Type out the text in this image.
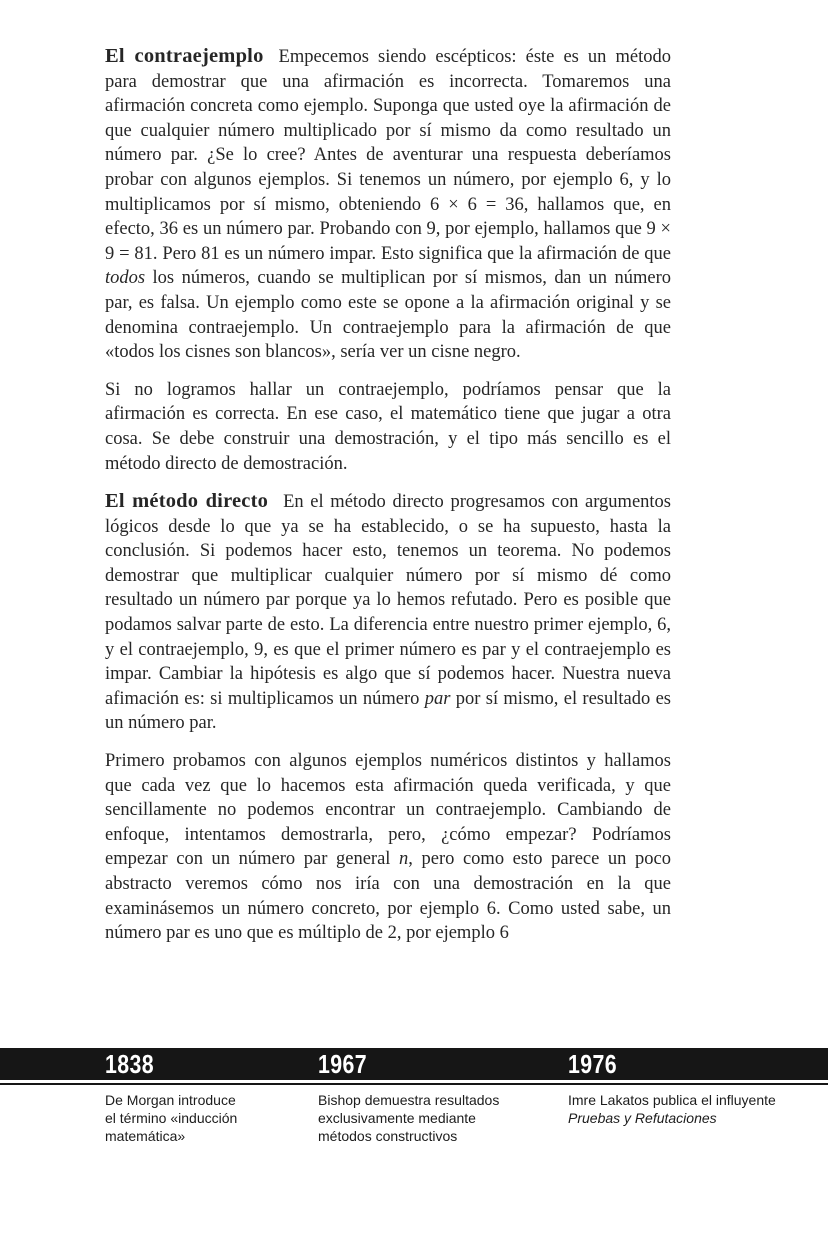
El contraejemplo Empecemos siendo escépticos: éste es un método para demostrar que una afirmación es incorrecta. Tomaremos una afirmación concreta como ejemplo. Suponga que usted oye la afirmación de que cualquier número multiplicado por sí mismo da como resultado un número par. ¿Se lo cree? Antes de aventurar una respuesta deberíamos probar con algunos ejemplos. Si tenemos un número, por ejemplo 6, y lo multiplicamos por sí mismo, obteniendo 6 × 6 = 36, hallamos que, en efecto, 36 es un número par. Probando con 9, por ejemplo, hallamos que 9 × 9 = 81. Pero 81 es un número impar. Esto significa que la afirmación de que todos los números, cuando se multiplican por sí mismos, dan un número par, es falsa. Un ejemplo como este se opone a la afirmación original y se denomina contraejemplo. Un contraejemplo para la afirmación de que «todos los cisnes son blancos», sería ver un cisne negro.

Si no logramos hallar un contraejemplo, podríamos pensar que la afirmación es correcta. En ese caso, el matemático tiene que jugar a otra cosa. Se debe construir una demostración, y el tipo más sencillo es el método directo de demostración.

El método directo En el método directo progresamos con argumentos lógicos desde lo que ya se ha establecido, o se ha supuesto, hasta la conclusión. Si podemos hacer esto, tenemos un teorema. No podemos demostrar que multiplicar cualquier número por sí mismo dé como resultado un número par porque ya lo hemos refutado. Pero es posible que podamos salvar parte de esto. La diferencia entre nuestro primer ejemplo, 6, y el contraejemplo, 9, es que el primer número es par y el contraejemplo es impar. Cambiar la hipótesis es algo que sí podemos hacer. Nuestra nueva afimación es: si multiplicamos un número par por sí mismo, el resultado es un número par.

Primero probamos con algunos ejemplos numéricos distintos y hallamos que cada vez que lo hacemos esta afirmación queda verificada, y que sencillamente no podemos encontrar un contraejemplo. Cambiando de enfoque, intentamos demostrarla, pero, ¿cómo empezar? Podríamos empezar con un número par general n, pero como esto parece un poco abstracto veremos cómo nos iría con una demostración en la que examinásemos un número concreto, por ejemplo 6. Como usted sabe, un número par es uno que es múltiplo de 2, por ejemplo 6

1838
De Morgan introduce
el término «inducción
matemática»
1967
Bishop demuestra resultados
exclusivamente mediante
métodos constructivos
1976
Imre Lakatos publica el influyente
Pruebas y Refutaciones
